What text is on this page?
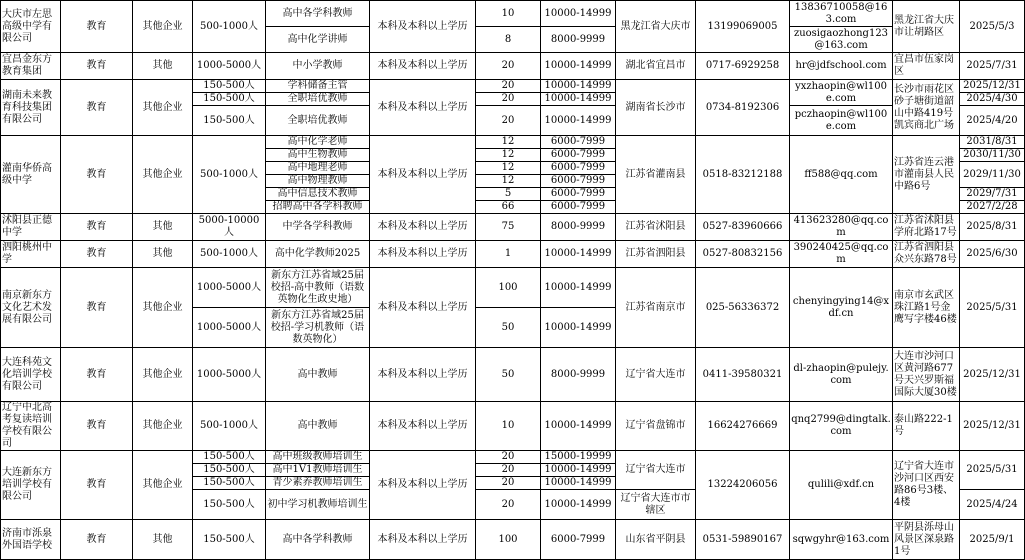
大庆市左思高级中学有限公司	教育	其他企业	500-1000人	高中各学科教师	本科及本科以上学历	10	10000-14999	黑龙江省大庆市	13199069005	13836710058@163.com	黑龙江省大庆市让胡路区	2025/5/3
				高中化学讲师		8	8000-9999			zuosigaozhong123@163.com		
宜昌金东方教育集团	教育	其他	1000-5000人	中小学教师	本科及本科以上学历	20	10000-14999	湖北省宜昌市	0717-6929258	hr@jdfschool.com	宜昌市伍家岗区	2025/7/31
湖南未来教育科技集团有限公司	教育	其他企业	150-500人	学科储备主管	本科及本科以上学历	20	10000-14999	湖南省长沙市	0734-8192306	yxzhaopin@wl100e.com	长沙市雨花区砂子塘街道韶山中路419号凯宾商北广场	2025/12/31
			150-500人	全职培优教师		20	10000-14999					2025/4/30
			150-500人	全职培优教师		20	10000-14999			pczhaopin@wl100e.com		2025/4/20
灌南华侨高级中学	教育	其他企业	500-1000人	高中化学老师	本科及本科以上学历	12	6000-7999	江苏省灌南县	0518-83212188	ff588@qq.com	江苏省连云港市灌南县人民中路6号	2031/8/31
				高中生物教师		12	6000-7999					2030/11/30
				高中地理老师		12	6000-7999					2029/11/30
				高中物理教师		12	6000-7999					
				高中信息技术教师		5	6000-7999					2029/7/31
				招聘高中各学科教师		66	6000-7999					2027/2/28
沭阳县正德中学	教育	其他	5000-10000人	中学各学科教师	本科及本科以上学历	75	8000-9999	江苏省沭阳县	0527-83960666	413623280@qq.com	江苏省沭阳县学府北路17号	2025/8/31
泗阳桃州中学	教育	其他	500-1000人	高中化学教师2025	本科及本科以上学历	1	10000-14999	江苏省泗阳县	0527-80832156	390240425@qq.com	江苏省泗阳县众兴东路78号	2025/6/30
南京新东方文化艺术发展有限公司	教育	其他企业	1000-5000人	新东方江苏省域25届校招-高中教师（语数英物化生政史地）	本科及本科以上学历	100	10000-14999	江苏省南京市	025-56336372	chenyingying14@xdf.cn	南京市玄武区珠江路1号金鹰写字楼46楼	2025/5/31
			1000-5000人	新东方江苏省域25届校招-学习机教师（语数英物化）		50	10000-14999					
大连科苑文化培训学校有限公司	教育	其他企业	1000-5000人	高中教师	本科及本科以上学历	50	8000-9999	辽宁省大连市	0411-39580321	dl-zhaopin@pulejy.com	大连市沙河口区黄河路677号天兴罗斯福国际大厦30楼	2025/12/31
辽宁中北高考复读培训学校有限公司	教育	其他企业	500-1000人	高中教师	本科及本科以上学历	10	10000-14999	辽宁省盘锦市	16624276669	qnq2799@dingtalk.com	泰山路222-1号	2025/12/31
大连新东方培训学校有限公司	教育	其他企业	150-500人	高中班级教师培训生	本科及本科以上学历	20	15000-19999	辽宁省大连市	13224206056	qulili@xdf.cn	辽宁省大连市沙河口区西安路86号3楼、4楼	2025/5/31
			150-500人	高中1V1教师培训生		20	10000-14999					
			150-500人	青少素养教师培训生		20	10000-14999					
			150-500人	初中学习机教师培训生		20	10000-14999	辽宁省大连市市辖区				2025/4/24
济南市泺泉外国语学校	教育	其他	150-500人	高中各学科教师	本科及本科以上学历	100	6000-7999	山东省平阴县	0531-59890167	sqwgyhr@163.com	平阴县泺母山风景区深泉路1号	2025/9/1
